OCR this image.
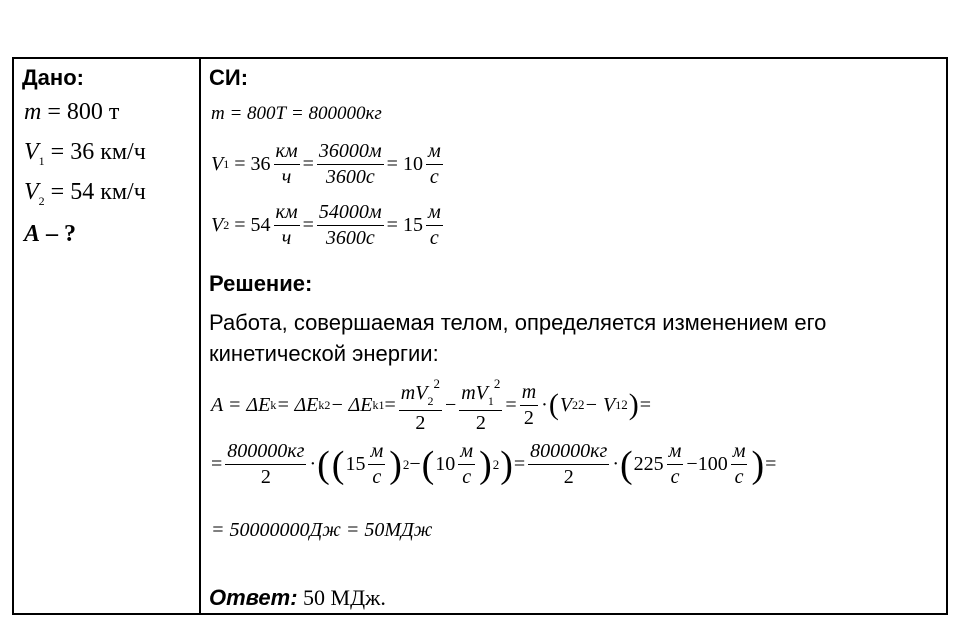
Дано:
m = 800 т
$V_1 = 36$ км/ч
$V_2 = 54$ км/ч
A – ?
СИ:
m
= 800Т = 800000кг
V 1
= $36 \frac{км}{ч} = \frac{36000м}{3600с} = 10 \frac{м}{с}$
V 2
= $54 \frac{км}{ч} = \frac{54000м}{3600с} = 15 \frac{м}{с}$
Решение:
Работа, совершаемая телом, определяется изменением его кинетической энергии:
A = ΔE k = ΔE k2 − ΔE $k1 = \frac{mV_2^2}{2} - \frac{mV_1^2}{2} = \frac{m}{2}$ · ( V 2 2 − V 1 2 ) =
= $\frac{800000кг}{2}$ · ( ( $15 \frac{м}{с}$ ) 2 − ( $10 \frac{м}{с}$ ) 2 ) = $\frac{800000кг}{2}$ · ( $225 \frac{м}{с} -100 \frac{м}{с}$ ) =
= 50000000Дж = 50МДж
Ответ: 50 МДж.
